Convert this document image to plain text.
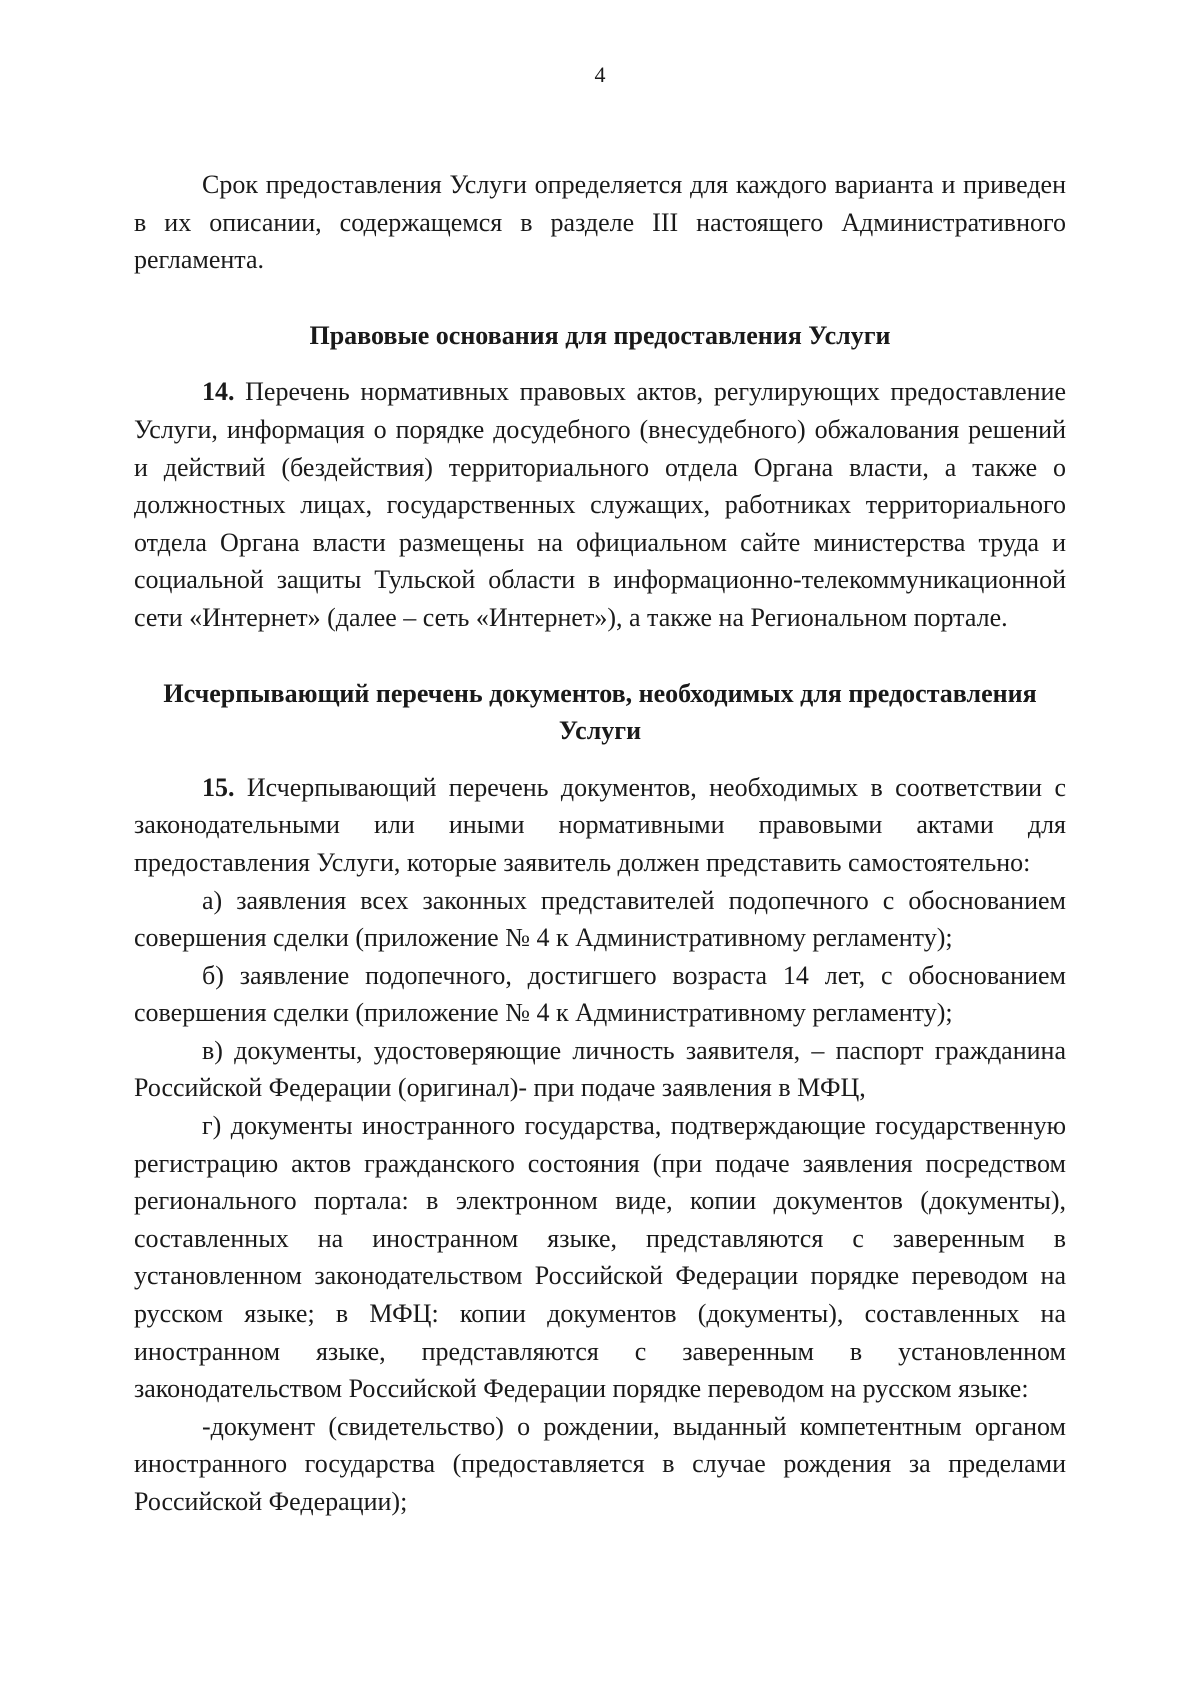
4

Срок предоставления Услуги определяется для каждого варианта и приведен в их описании, содержащемся в разделе III настоящего Административного регламента.

Правовые основания для предоставления Услуги

14. Перечень нормативных правовых актов, регулирующих предоставление Услуги, информация о порядке досудебного (внесудебного) обжалования решений и действий (бездействия) территориального отдела Органа власти, а также о должностных лицах, государственных служащих, работниках территориального отдела Органа власти размещены на официальном сайте министерства труда и социальной защиты Тульской области в информационно-телекоммуникационной сети «Интернет» (далее – сеть «Интернет»), а также на Региональном портале.

Исчерпывающий перечень документов, необходимых для предоставления Услуги

15. Исчерпывающий перечень документов, необходимых в соответствии с законодательными или иными нормативными правовыми актами для предоставления Услуги, которые заявитель должен представить самостоятельно:

а) заявления всех законных представителей подопечного с обоснованием совершения сделки (приложение № 4 к Административному регламенту);

б) заявление подопечного, достигшего возраста 14 лет, с обоснованием совершения сделки (приложение № 4 к Административному регламенту);

в) документы, удостоверяющие личность заявителя, – паспорт гражданина Российской Федерации (оригинал)- при подаче заявления в МФЦ,

г) документы иностранного государства, подтверждающие государственную регистрацию актов гражданского состояния (при подаче заявления посредством регионального портала: в электронном виде, копии документов (документы), составленных на иностранном языке, представляются с заверенным в установленном законодательством Российской Федерации порядке переводом на русском языке; в МФЦ: копии документов (документы), составленных на иностранном языке, представляются с заверенным в установленном законодательством Российской Федерации порядке переводом на русском языке:

-документ (свидетельство) о рождении, выданный компетентным органом иностранного государства (предоставляется в случае рождения за пределами Российской Федерации);
